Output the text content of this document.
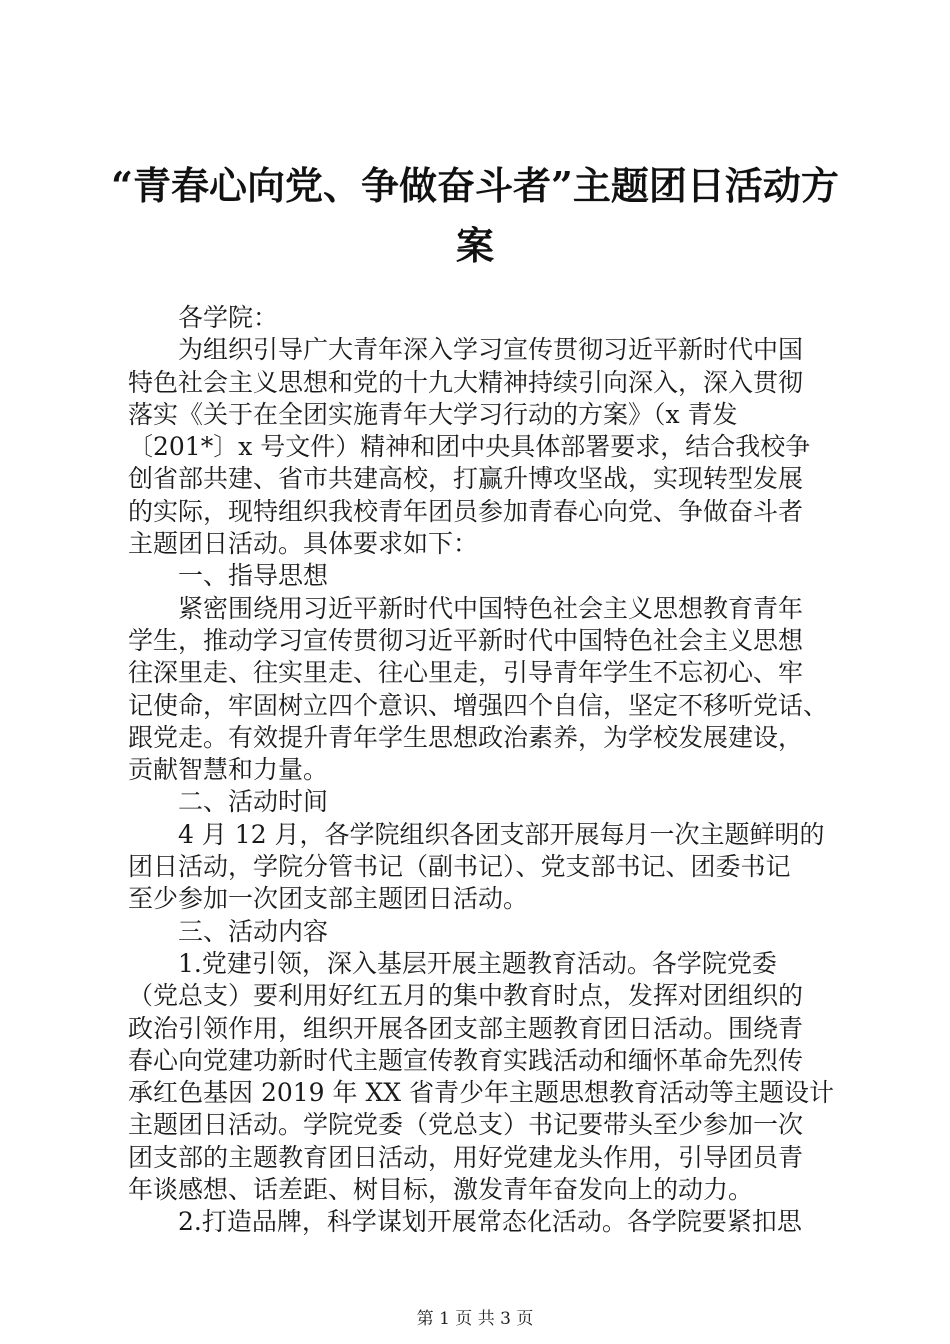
“青春心向党、争做奋斗者”主题团日活动方
案
各学院：
为组织引导广大青年深入学习宣传贯彻习近平新时代中国
特色社会主义思想和党的十九大精神持续引向深入，深入贯彻
落实《关于在全团实施青年大学习行动的方案》（x 青发
〔201*〕x 号文件）精神和团中央具体部署要求，结合我校争
创省部共建、省市共建高校，打赢升博攻坚战，实现转型发展
的实际，现特组织我校青年团员参加青春心向党、争做奋斗者
主题团日活动。具体要求如下：
一、指导思想
紧密围绕用习近平新时代中国特色社会主义思想教育青年
学生，推动学习宣传贯彻习近平新时代中国特色社会主义思想
往深里走、往实里走、往心里走，引导青年学生不忘初心、牢
记使命，牢固树立四个意识、增强四个自信，坚定不移听党话、
跟党走。有效提升青年学生思想政治素养，为学校发展建设，
贡献智慧和力量。
二、活动时间
4 月 12 月，各学院组织各团支部开展每月一次主题鲜明的
团日活动，学院分管书记（副书记）、党支部书记、团委书记
至少参加一次团支部主题团日活动。
三、活动内容
1.党建引领，深入基层开展主题教育活动。各学院党委
（党总支）要利用好红五月的集中教育时点，发挥对团组织的
政治引领作用，组织开展各团支部主题教育团日活动。围绕青
春心向党建功新时代主题宣传教育实践活动和缅怀革命先烈传
承红色基因 2019 年 XX 省青少年主题思想教育活动等主题设计
主题团日活动。学院党委（党总支）书记要带头至少参加一次
团支部的主题教育团日活动，用好党建龙头作用，引导团员青
年谈感想、话差距、树目标，激发青年奋发向上的动力。
2.打造品牌，科学谋划开展常态化活动。各学院要紧扣思
第 1 页 共 3 页
